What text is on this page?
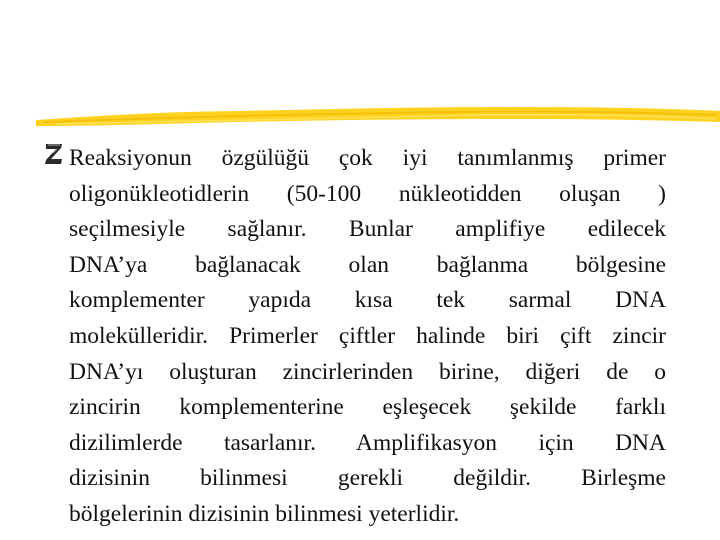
Reaksiyonun özgülüğü çok iyi tanımlanmış primer
oligonükleotidlerin (50-100 nükleotidden oluşan )
seçilmesiyle sağlanır. Bunlar amplifiye edilecek
DNA’ya bağlanacak olan bağlanma bölgesine
komplementer yapıda kısa tek sarmal DNA
molekülleridir. Primerler çiftler halinde biri çift zincir
DNA’yı oluşturan zincirlerinden birine, diğeri de o
zincirin komplementerine eşleşecek şekilde farklı
dizilimlerde tasarlanır. Amplifikasyon için DNA
dizisinin bilinmesi gerekli değildir. Birleşme
bölgelerinin dizisinin bilinmesi yeterlidir.
